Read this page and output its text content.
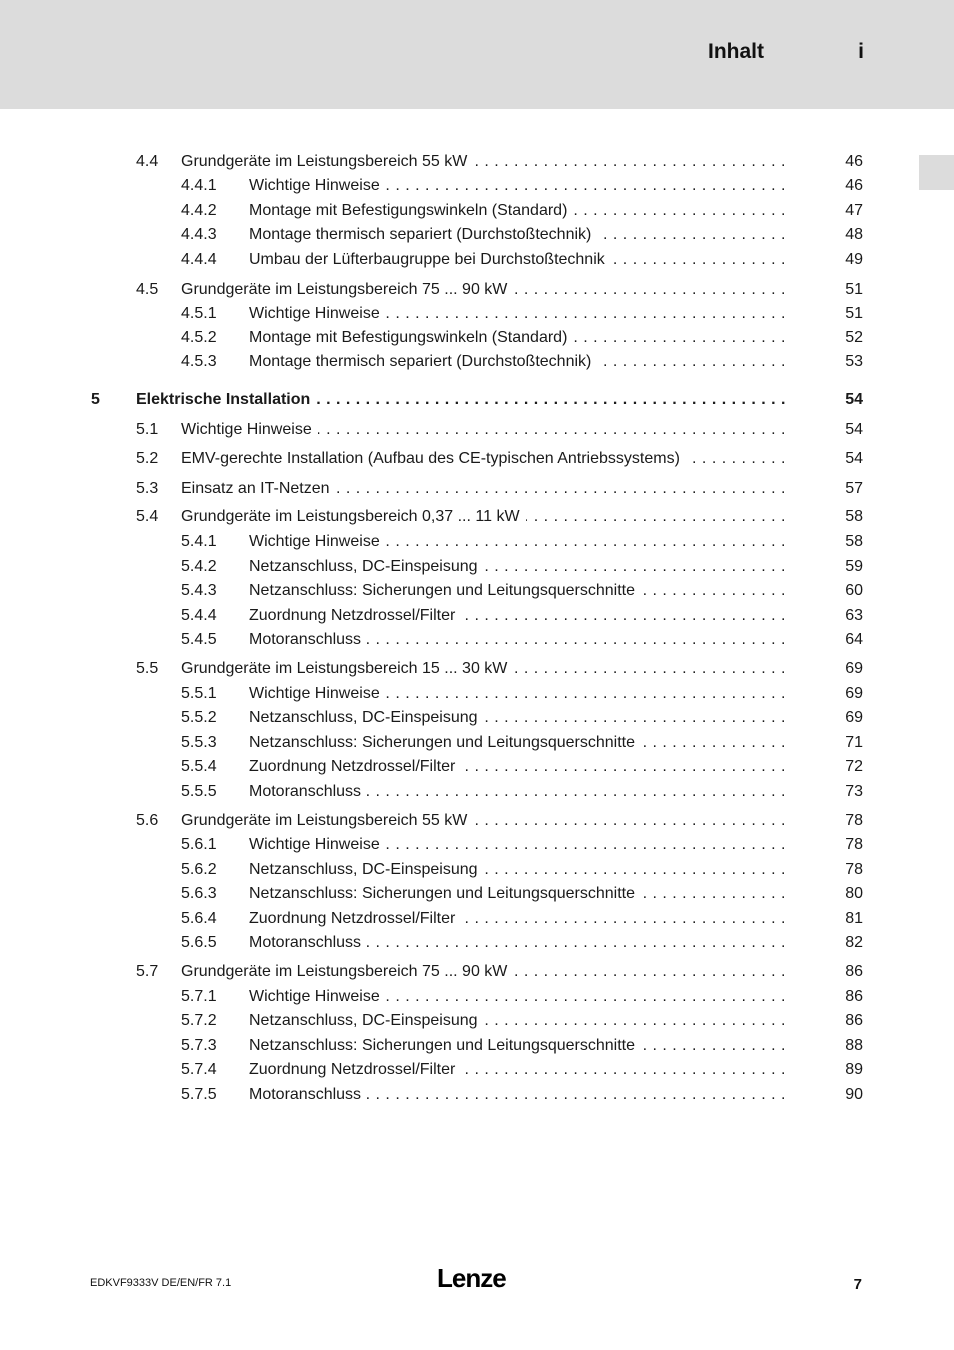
Inhalt	i
4.4 Grundgeräte im Leistungsbereich 55 kW . . .	46
4.4.1 Wichtige Hinweise . . .	46
4.4.2 Montage mit Befestigungswinkeln (Standard) . . .	47
4.4.3 Montage thermisch separiert (Durchstoßtechnik) . . .	48
4.4.4 Umbau der Lüfterbaugruppe bei Durchstoßtechnik . . .	49
4.5 Grundgeräte im Leistungsbereich 75 ... 90 kW . . .	51
4.5.1 Wichtige Hinweise . . .	51
4.5.2 Montage mit Befestigungswinkeln (Standard) . . .	52
4.5.3 Montage thermisch separiert (Durchstoßtechnik) . . .	53
5 Elektrische Installation . . .	54
5.1 Wichtige Hinweise . . .	54
5.2 EMV-gerechte Installation (Aufbau des CE-typischen Antriebssystems) . . .	54
5.3 Einsatz an IT-Netzen . . .	57
5.4 Grundgeräte im Leistungsbereich 0,37 ... 11 kW . . .	58
5.4.1 Wichtige Hinweise . . .	58
5.4.2 Netzanschluss, DC-Einspeisung . . .	59
5.4.3 Netzanschluss: Sicherungen und Leitungsquerschnitte . . .	60
5.4.4 Zuordnung Netzdrossel/Filter . . .	63
5.4.5 Motoranschluss . . .	64
5.5 Grundgeräte im Leistungsbereich 15 ... 30 kW . . .	69
5.5.1 Wichtige Hinweise . . .	69
5.5.2 Netzanschluss, DC-Einspeisung . . .	69
5.5.3 Netzanschluss: Sicherungen und Leitungsquerschnitte . . .	71
5.5.4 Zuordnung Netzdrossel/Filter . . .	72
5.5.5 Motoranschluss . . .	73
5.6 Grundgeräte im Leistungsbereich 55 kW . . .	78
5.6.1 Wichtige Hinweise . . .	78
5.6.2 Netzanschluss, DC-Einspeisung . . .	78
5.6.3 Netzanschluss: Sicherungen und Leitungsquerschnitte . . .	80
5.6.4 Zuordnung Netzdrossel/Filter . . .	81
5.6.5 Motoranschluss . . .	82
5.7 Grundgeräte im Leistungsbereich 75 ... 90 kW . . .	86
5.7.1 Wichtige Hinweise . . .	86
5.7.2 Netzanschluss, DC-Einspeisung . . .	86
5.7.3 Netzanschluss: Sicherungen und Leitungsquerschnitte . . .	88
5.7.4 Zuordnung Netzdrossel/Filter . . .	89
5.7.5 Motoranschluss . . .	90
EDKVF9333V DE/EN/FR 7.1	Lenze	7
